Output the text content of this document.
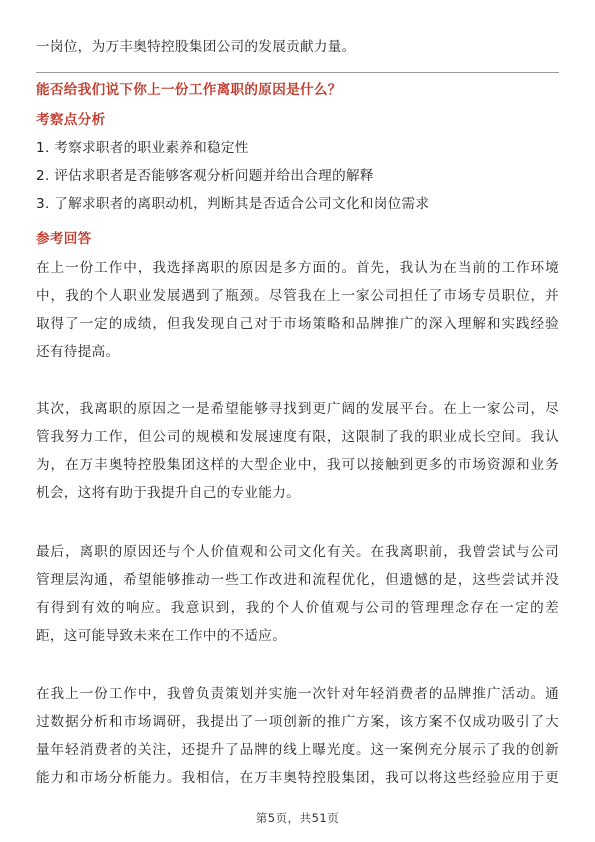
一岗位，为万丰奥特控股集团公司的发展贡献力量。
能否给我们说下你上一份工作离职的原因是什么？
考察点分析
1. 考察求职者的职业素养和稳定性
2. 评估求职者是否能够客观分析问题并给出合理的解释
3. 了解求职者的离职动机，判断其是否适合公司文化和岗位需求
参考回答
在上一份工作中，我选择离职的原因是多方面的。首先，我认为在当前的工作环境
中，我的个人职业发展遇到了瓶颈。尽管我在上一家公司担任了市场专员职位，并
取得了一定的成绩，但我发现自己对于市场策略和品牌推广的深入理解和实践经验
还有待提高。
其次，我离职的原因之一是希望能够寻找到更广阔的发展平台。在上一家公司，尽
管我努力工作，但公司的规模和发展速度有限，这限制了我的职业成长空间。我认
为，在万丰奥特控股集团这样的大型企业中，我可以接触到更多的市场资源和业务
机会，这将有助于我提升自己的专业能力。
最后，离职的原因还与个人价值观和公司文化有关。在我离职前，我曾尝试与公司
管理层沟通，希望能够推动一些工作改进和流程优化，但遗憾的是，这些尝试并没
有得到有效的响应。我意识到，我的个人价值观与公司的管理理念存在一定的差
距，这可能导致未来在工作中的不适应。
在我上一份工作中，我曾负责策划并实施一次针对年轻消费者的品牌推广活动。通
过数据分析和市场调研，我提出了一项创新的推广方案，该方案不仅成功吸引了大
量年轻消费者的关注，还提升了品牌的线上曝光度。这一案例充分展示了我的创新
能力和市场分析能力。我相信，在万丰奥特控股集团，我可以将这些经验应用于更
第5页，共51页
